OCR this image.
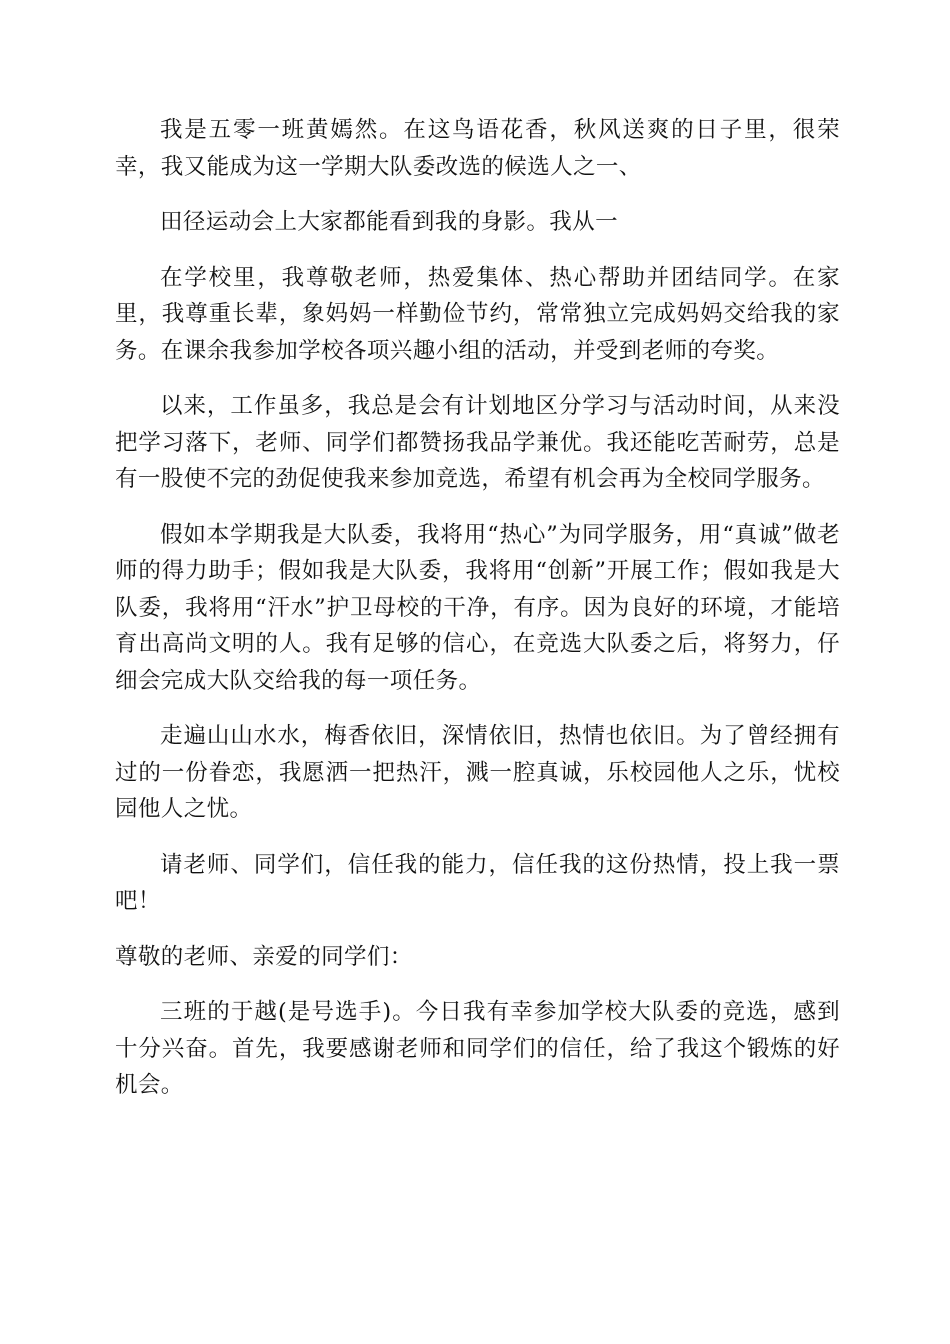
我是五零一班黄嫣然。在这鸟语花香，秋风送爽的日子里，很荣幸，我又能成为这一学期大队委改选的候选人之一、

田径运动会上大家都能看到我的身影。我从一

在学校里，我尊敬老师，热爱集体、热心帮助并团结同学。在家里，我尊重长辈，象妈妈一样勤俭节约，常常独立完成妈妈交给我的家务。在课余我参加学校各项兴趣小组的活动，并受到老师的夸奖。

以来，工作虽多，我总是会有计划地区分学习与活动时间，从来没把学习落下，老师、同学们都赞扬我品学兼优。我还能吃苦耐劳，总是有一股使不完的劲促使我来参加竞选，希望有机会再为全校同学服务。

假如本学期我是大队委，我将用“热心”为同学服务，用“真诚”做老师的得力助手；假如我是大队委，我将用“创新”开展工作；假如我是大队委，我将用“汗水”护卫母校的干净，有序。因为良好的环境，才能培育出高尚文明的人。我有足够的信心，在竞选大队委之后，将努力，仔细会完成大队交给我的每一项任务。

走遍山山水水，梅香依旧，深情依旧，热情也依旧。为了曾经拥有过的一份眷恋，我愿洒一把热汗，溅一腔真诚，乐校园他人之乐，忧校园他人之忧。

请老师、同学们，信任我的能力，信任我的这份热情，投上我一票吧！

尊敬的老师、亲爱的同学们：

三班的于越(是号选手)。今日我有幸参加学校大队委的竞选，感到十分兴奋。首先，我要感谢老师和同学们的信任，给了我这个锻炼的好机会。
